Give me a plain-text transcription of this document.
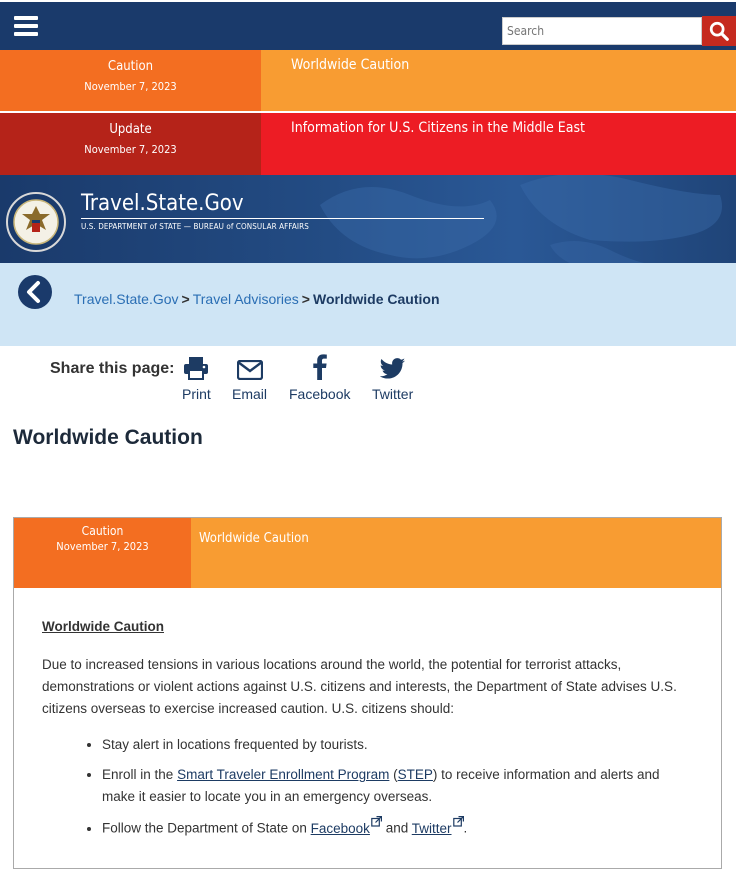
Search
Caution
November 7, 2023
Worldwide Caution
Update
November 7, 2023
Information for U.S. Citizens in the Middle East
Travel.State.Gov
U.S. DEPARTMENT of STATE — BUREAU of CONSULAR AFFAIRS
Travel.State.Gov > Travel Advisories > Worldwide Caution
Share this page:
Print Email Facebook Twitter
Worldwide Caution
Caution
November 7, 2023
Worldwide Caution
Worldwide Caution

Due to increased tensions in various locations around the world, the potential for terrorist attacks, demonstrations or violent actions against U.S. citizens and interests, the Department of State advises U.S. citizens overseas to exercise increased caution. U.S. citizens should:

• Stay alert in locations frequented by tourists.
• Enroll in the Smart Traveler Enrollment Program (STEP) to receive information and alerts and make it easier to locate you in an emergency overseas.
• Follow the Department of State on Facebook and Twitter .
